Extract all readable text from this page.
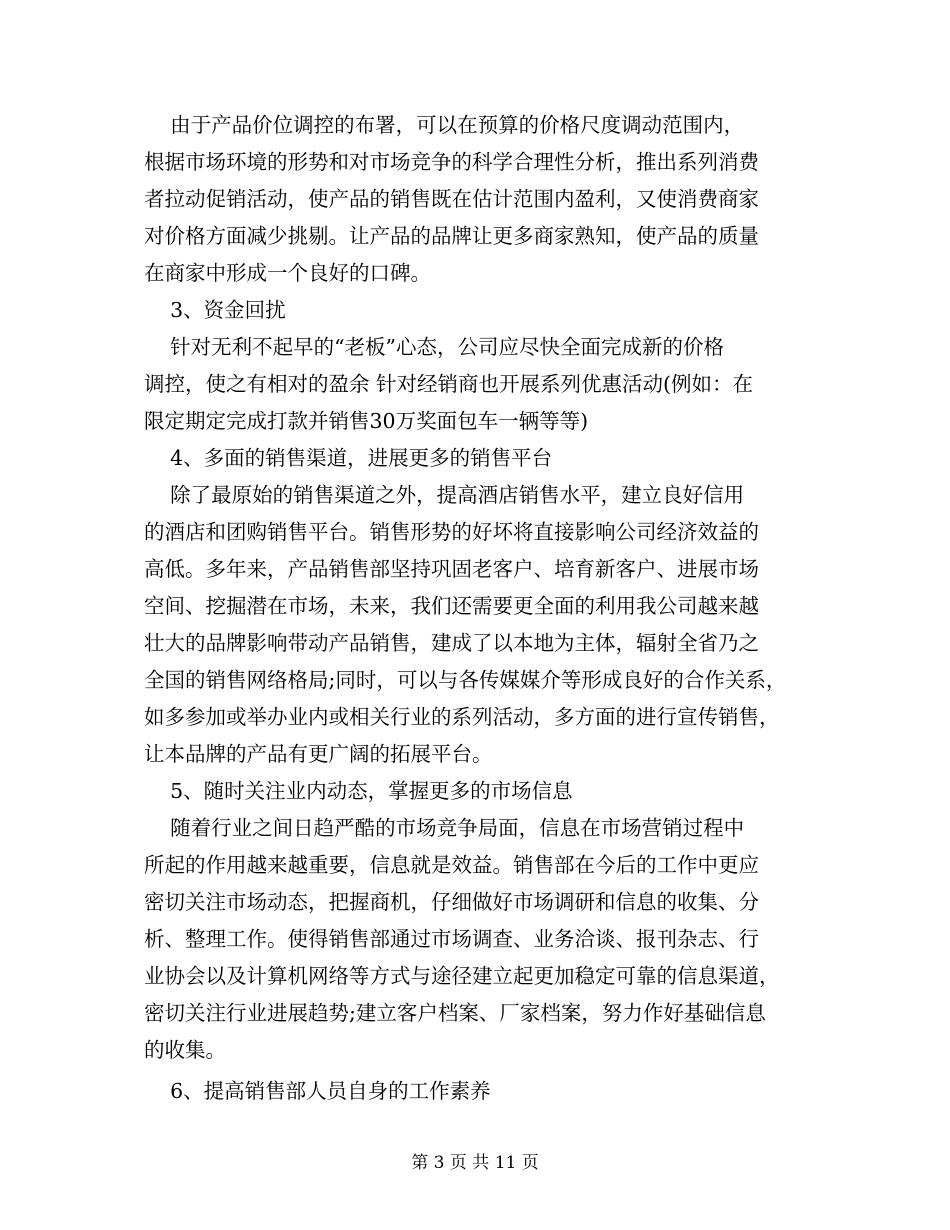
由于产品价位调控的布署，可以在预算的价格尺度调动范围内，
根据市场环境的形势和对市场竞争的科学合理性分析，推出系列消费
者拉动促销活动，使产品的销售既在估计范围内盈利，又使消费商家
对价格方面减少挑剔。让产品的品牌让更多商家熟知，使产品的质量
在商家中形成一个良好的口碑。
3、资金回扰
针对无利不起早的“老板”心态，公司应尽快全面完成新的价格
调控，使之有相对的盈余 针对经销商也开展系列优惠活动(例如：在
限定期定完成打款并销售30万奖面包车一辆等等)
4、多面的销售渠道，进展更多的销售平台
除了最原始的销售渠道之外，提高酒店销售水平，建立良好信用
的酒店和团购销售平台。销售形势的好坏将直接影响公司经济效益的
高低。多年来，产品销售部坚持巩固老客户、培育新客户、进展市场
空间、挖掘潜在市场，未来，我们还需要更全面的利用我公司越来越
壮大的品牌影响带动产品销售，建成了以本地为主体，辐射全省乃之
全国的销售网络格局;同时，可以与各传媒媒介等形成良好的合作关系，
如多参加或举办业内或相关行业的系列活动，多方面的进行宣传销售，
让本品牌的产品有更广阔的拓展平台。
5、随时关注业内动态，掌握更多的市场信息
随着行业之间日趋严酷的市场竞争局面，信息在市场营销过程中
所起的作用越来越重要，信息就是效益。销售部在今后的工作中更应
密切关注市场动态，把握商机，仔细做好市场调研和信息的收集、分
析、整理工作。使得销售部通过市场调查、业务洽谈、报刊杂志、行
业协会以及计算机网络等方式与途径建立起更加稳定可靠的信息渠道，
密切关注行业进展趋势;建立客户档案、厂家档案，努力作好基础信息
的收集。
6、提高销售部人员自身的工作素养
第 3 页 共 11 页
